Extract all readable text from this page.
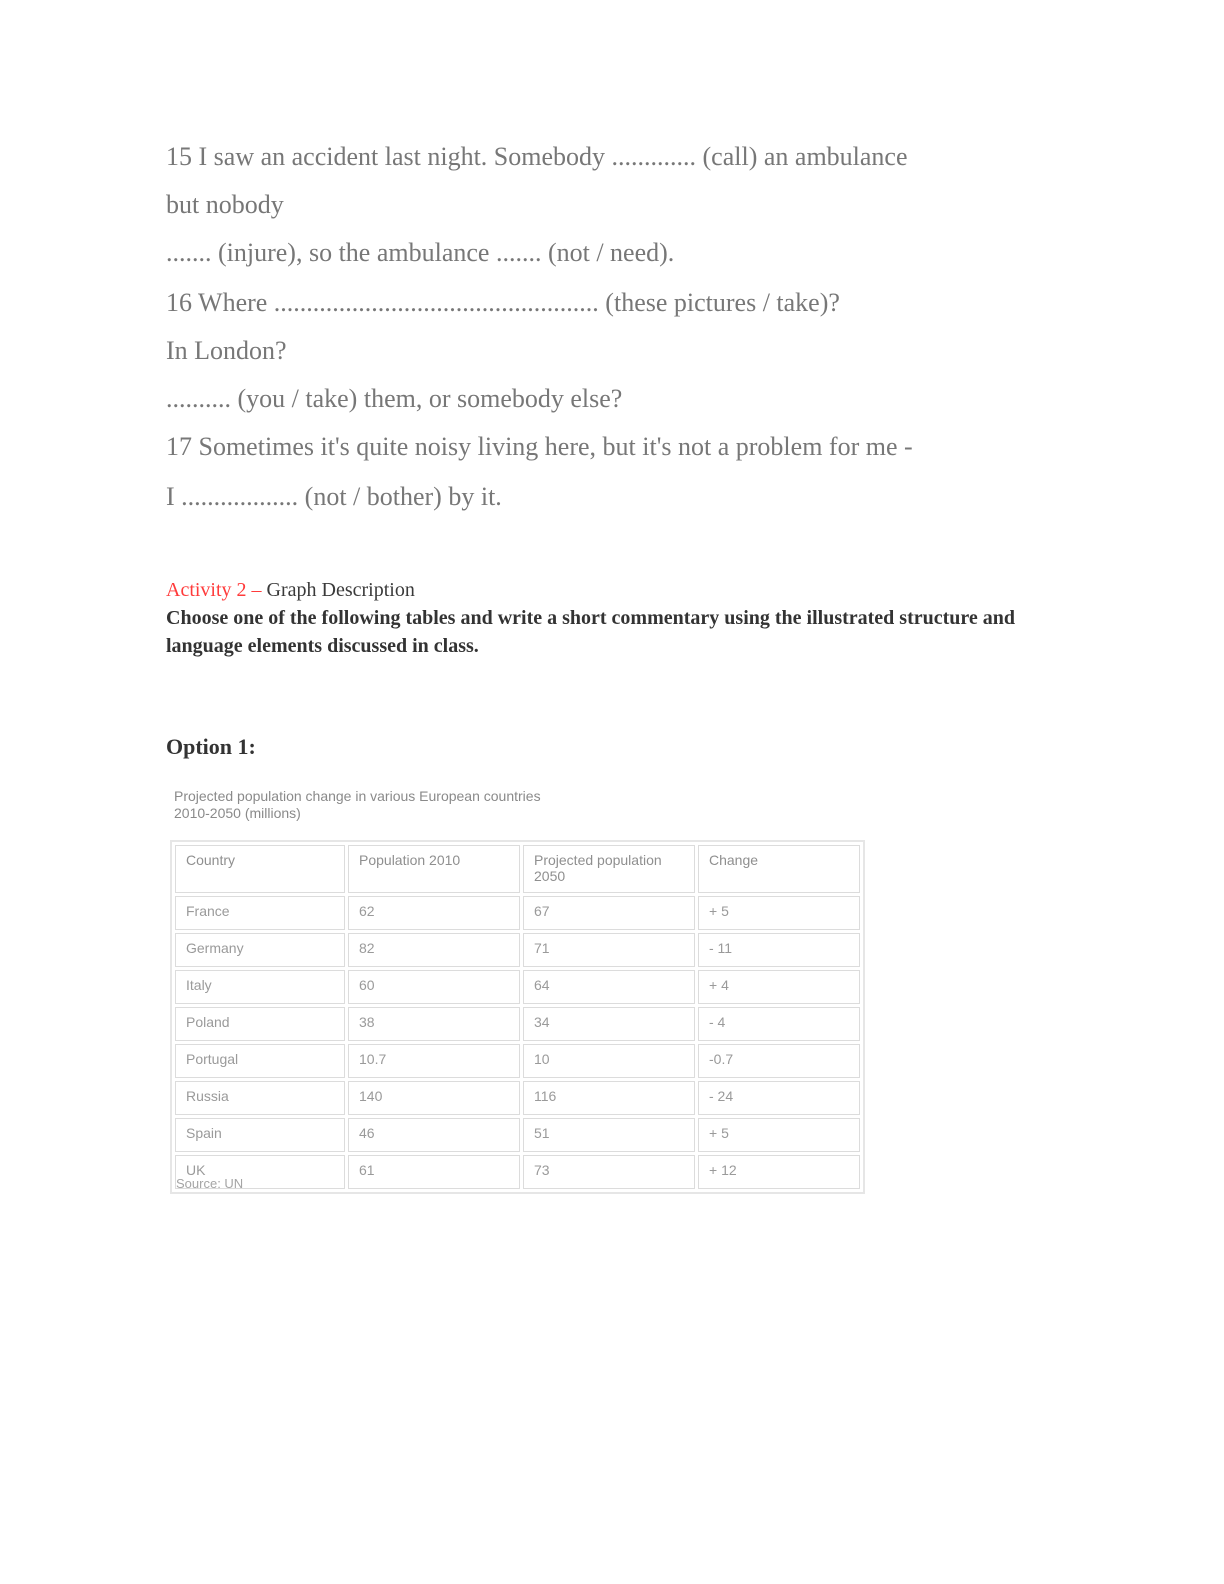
15 I saw an accident last night. Somebody ............. (call) an ambulance
but nobody
....... (injure), so the ambulance ....... (not / need).
16 Where .................................................. (these pictures / take)?
In London?
.......... (you / take) them, or somebody else?
17 Sometimes it's quite noisy living here, but it's not a problem for me -
I .................. (not / bother) by it.
Activity 2 – Graph Description
Choose one of the following tables and write a short commentary using the illustrated structure and language elements discussed in class.
Option 1:
Projected population change in various European countries
2010-2050 (millions)
Country	Population 2010	Projected population 2050	Change
France	62	67	+ 5
Germany	82	71	- 11
Italy	60	64	+ 4
Poland	38	34	- 4
Portugal	10.7	10	-0.7
Russia	140	116	- 24
Spain	46	51	+ 5
UK	61	73	+ 12
Source: UN
